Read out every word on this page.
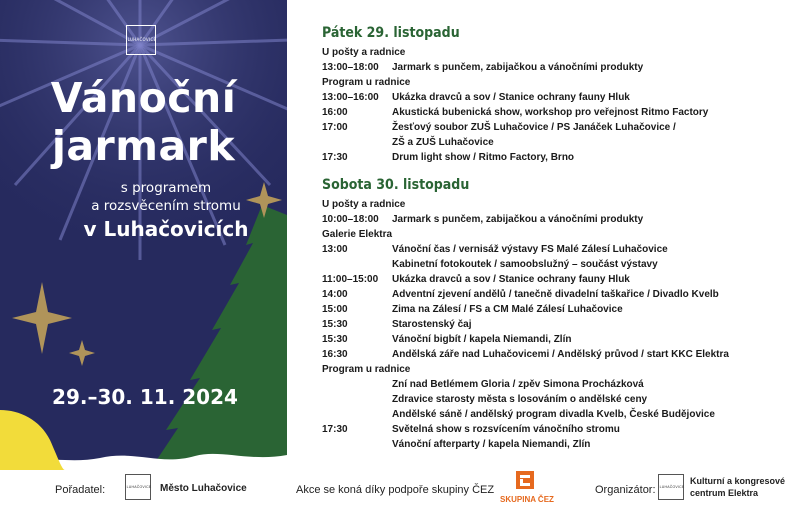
LUHAČOVICE
Vánoční
jarmark
s programem
a rozsvěcením stromu
v Luhačovicích
29.–30. 11. 2024
Pátek 29. listopadu
U pošty a radnice
13:00–18:00	Jarmark s punčem, zabijačkou a vánočními produkty
Program u radnice
13:00–16:00	Ukázka dravců a sov / Stanice ochrany fauny Hluk
16:00	Akustická bubenická show, workshop pro veřejnost Ritmo Factory
17:00	Žesťový soubor ZUŠ Luhačovice / PS Janáček Luhačovice /
ZŠ a ZUŠ Luhačovice
17:30	Drum light show / Ritmo Factory, Brno
Sobota 30. listopadu
U pošty a radnice
10:00–18:00	Jarmark s punčem, zabijačkou a vánočními produkty
Galerie Elektra
13:00	Vánoční čas / vernisáž výstavy FS Malé Zálesí Luhačovice
Kabinetní fotokoutek / samoobslužný – součást výstavy
11:00–15:00	Ukázka dravců a sov / Stanice ochrany fauny Hluk
14:00	Adventní zjevení andělů / tanečně divadelní taškařice / Divadlo Kvelb
15:00	Zima na Zálesí / FS a CM Malé Zálesí Luhačovice
15:30	Starostenský čaj
15:30	Vánoční bigbít / kapela Niemandi, Zlín
16:30	Andělská záře nad Luhačovicemi / Andělský průvod / start KKC Elektra
Program u radnice
Zní nad Betlémem Gloria / zpěv Simona Procházková
Zdravice starosty města s losováním o andělské ceny
Andělské sáně / andělský program divadla Kvelb, České Budějovice
17:30	Světelná show s rozsvícením vánočního stromu
Vánoční afterparty / kapela Niemandi, Zlín
Pořadatel:	LUHAČOVICE Město Luhačovice	Akce se koná díky podpoře skupiny ČEZ	Organizátor: LUHAČOVICE
Kulturní a kongresové
centrum Elektra
SKUPINA ČEZ
